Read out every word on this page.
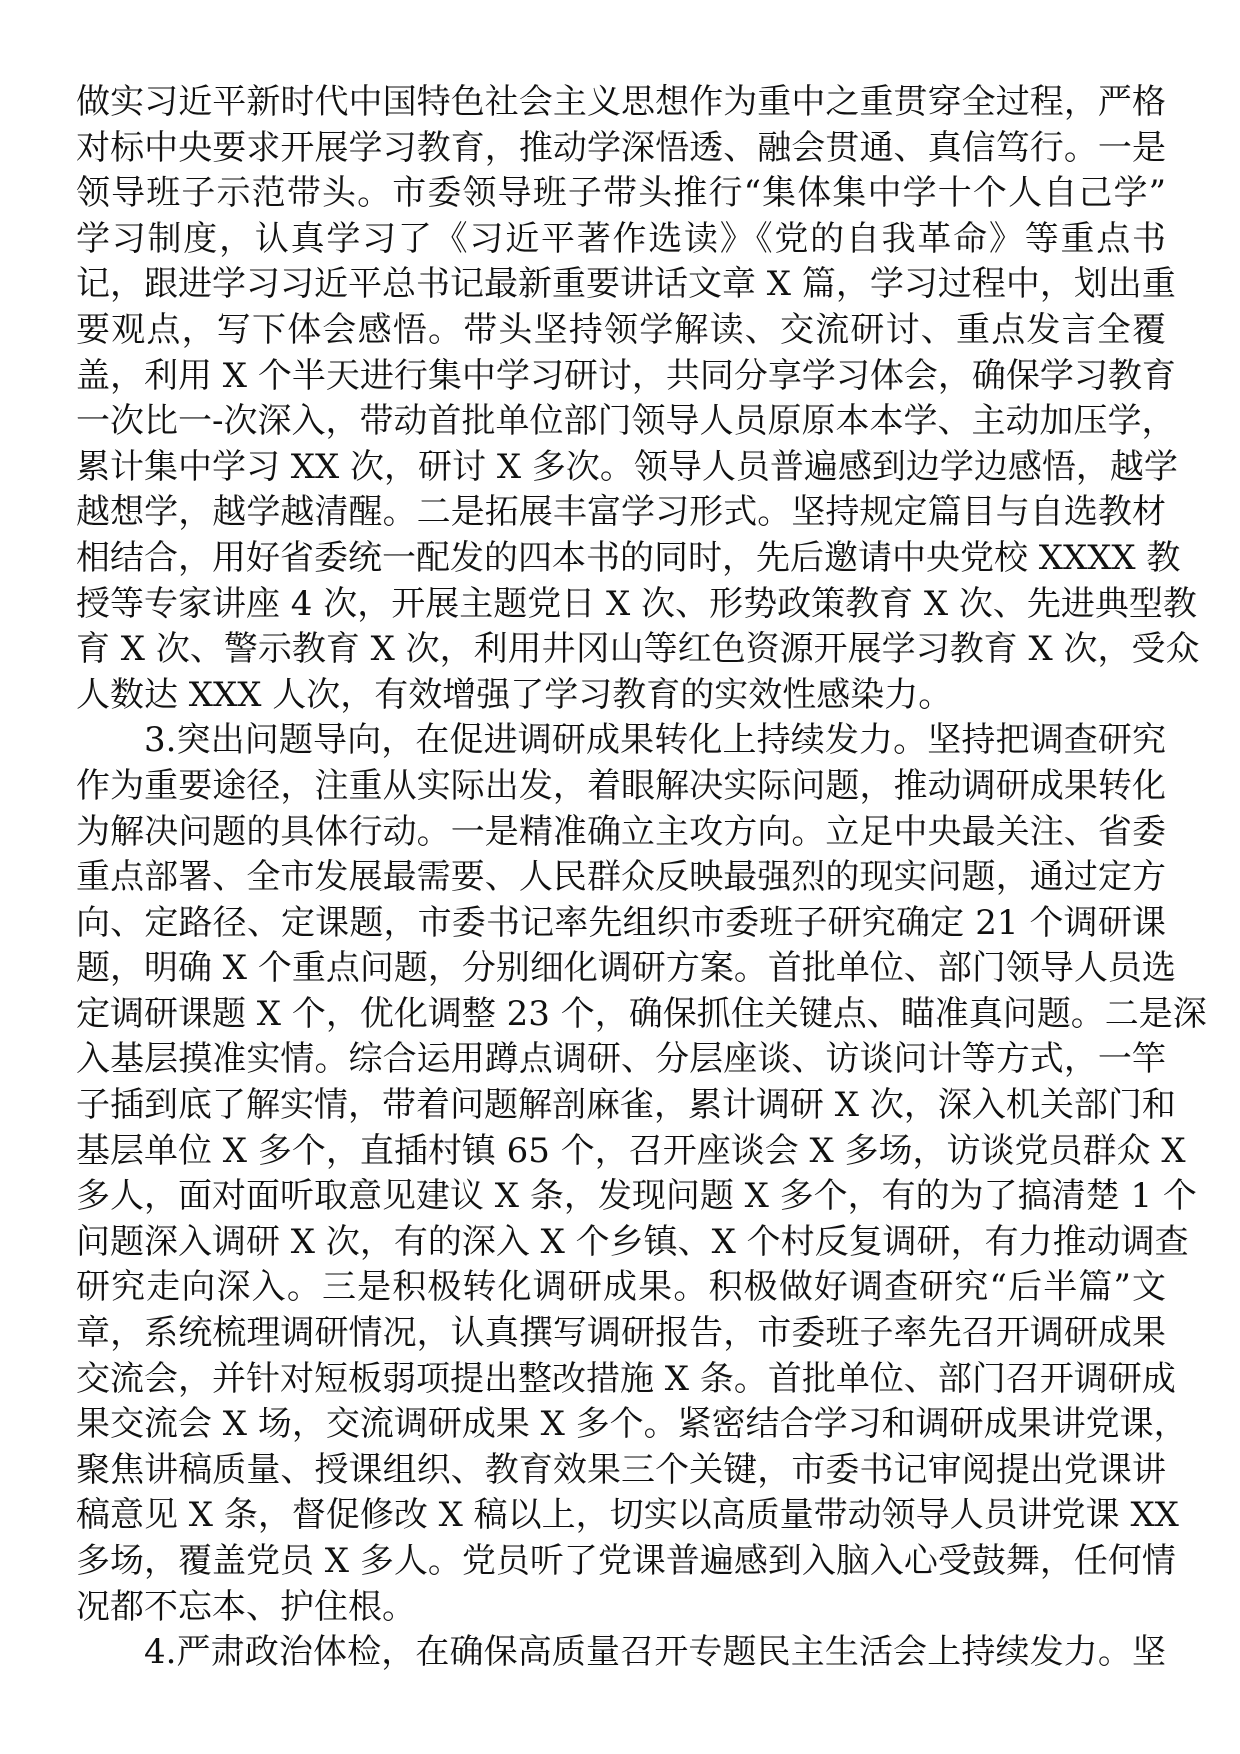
做实习近平新时代中国特色社会主义思想作为重中之重贯穿全过程，严格
对标中央要求开展学习教育，推动学深悟透、融会贯通、真信笃行。一是
领导班子示范带头。市委领导班子带头推行“集体集中学十个人自己学”
学习制度，认真学习了《习近平著作选读》《党的自我革命》等重点书
记，跟进学习习近平总书记最新重要讲话文章 X 篇，学习过程中，划出重
要观点，写下体会感悟。带头坚持领学解读、交流研讨、重点发言全覆
盖，利用 X 个半天进行集中学习研讨，共同分享学习体会，确保学习教育
一次比一-次深入，带动首批单位部门领导人员原原本本学、主动加压学，
累计集中学习 XX 次，研讨 X 多次。领导人员普遍感到边学边感悟，越学
越想学，越学越清醒。二是拓展丰富学习形式。坚持规定篇目与自选教材
相结合，用好省委统一配发的四本书的同时，先后邀请中央党校 XXXX 教
授等专家讲座 4 次，开展主题党日 X 次、形势政策教育 X 次、先进典型教
育 X 次、警示教育 X 次，利用井冈山等红色资源开展学习教育 X 次，受众
人数达 XXX 人次，有效增强了学习教育的实效性感染力。
3.突出问题导向，在促进调研成果转化上持续发力。坚持把调查研究
作为重要途径，注重从实际出发，着眼解决实际问题，推动调研成果转化
为解决问题的具体行动。一是精准确立主攻方向。立足中央最关注、省委
重点部署、全市发展最需要、人民群众反映最强烈的现实问题，通过定方
向、定路径、定课题，市委书记率先组织市委班子研究确定 21 个调研课
题，明确 X 个重点问题，分别细化调研方案。首批单位、部门领导人员选
定调研课题 X 个，优化调整 23 个，确保抓住关键点、瞄准真问题。二是深
入基层摸准实情。综合运用蹲点调研、分层座谈、访谈问计等方式，一竿
子插到底了解实情，带着问题解剖麻雀，累计调研 X 次，深入机关部门和
基层单位 X 多个，直插村镇 65 个，召开座谈会 X 多场，访谈党员群众 X
多人，面对面听取意见建议 X 条，发现问题 X 多个，有的为了搞清楚 1 个
问题深入调研 X 次，有的深入 X 个乡镇、X 个村反复调研，有力推动调查
研究走向深入。三是积极转化调研成果。积极做好调查研究“后半篇”文
章，系统梳理调研情况，认真撰写调研报告，市委班子率先召开调研成果
交流会，并针对短板弱项提出整改措施 X 条。首批单位、部门召开调研成
果交流会 X 场，交流调研成果 X 多个。紧密结合学习和调研成果讲党课，
聚焦讲稿质量、授课组织、教育效果三个关键，市委书记审阅提出党课讲
稿意见 X 条，督促修改 X 稿以上，切实以高质量带动领导人员讲党课 XX
多场，覆盖党员 X 多人。党员听了党课普遍感到入脑入心受鼓舞，任何情
况都不忘本、护住根。
4.严肃政治体检，在确保高质量召开专题民主生活会上持续发力。坚
